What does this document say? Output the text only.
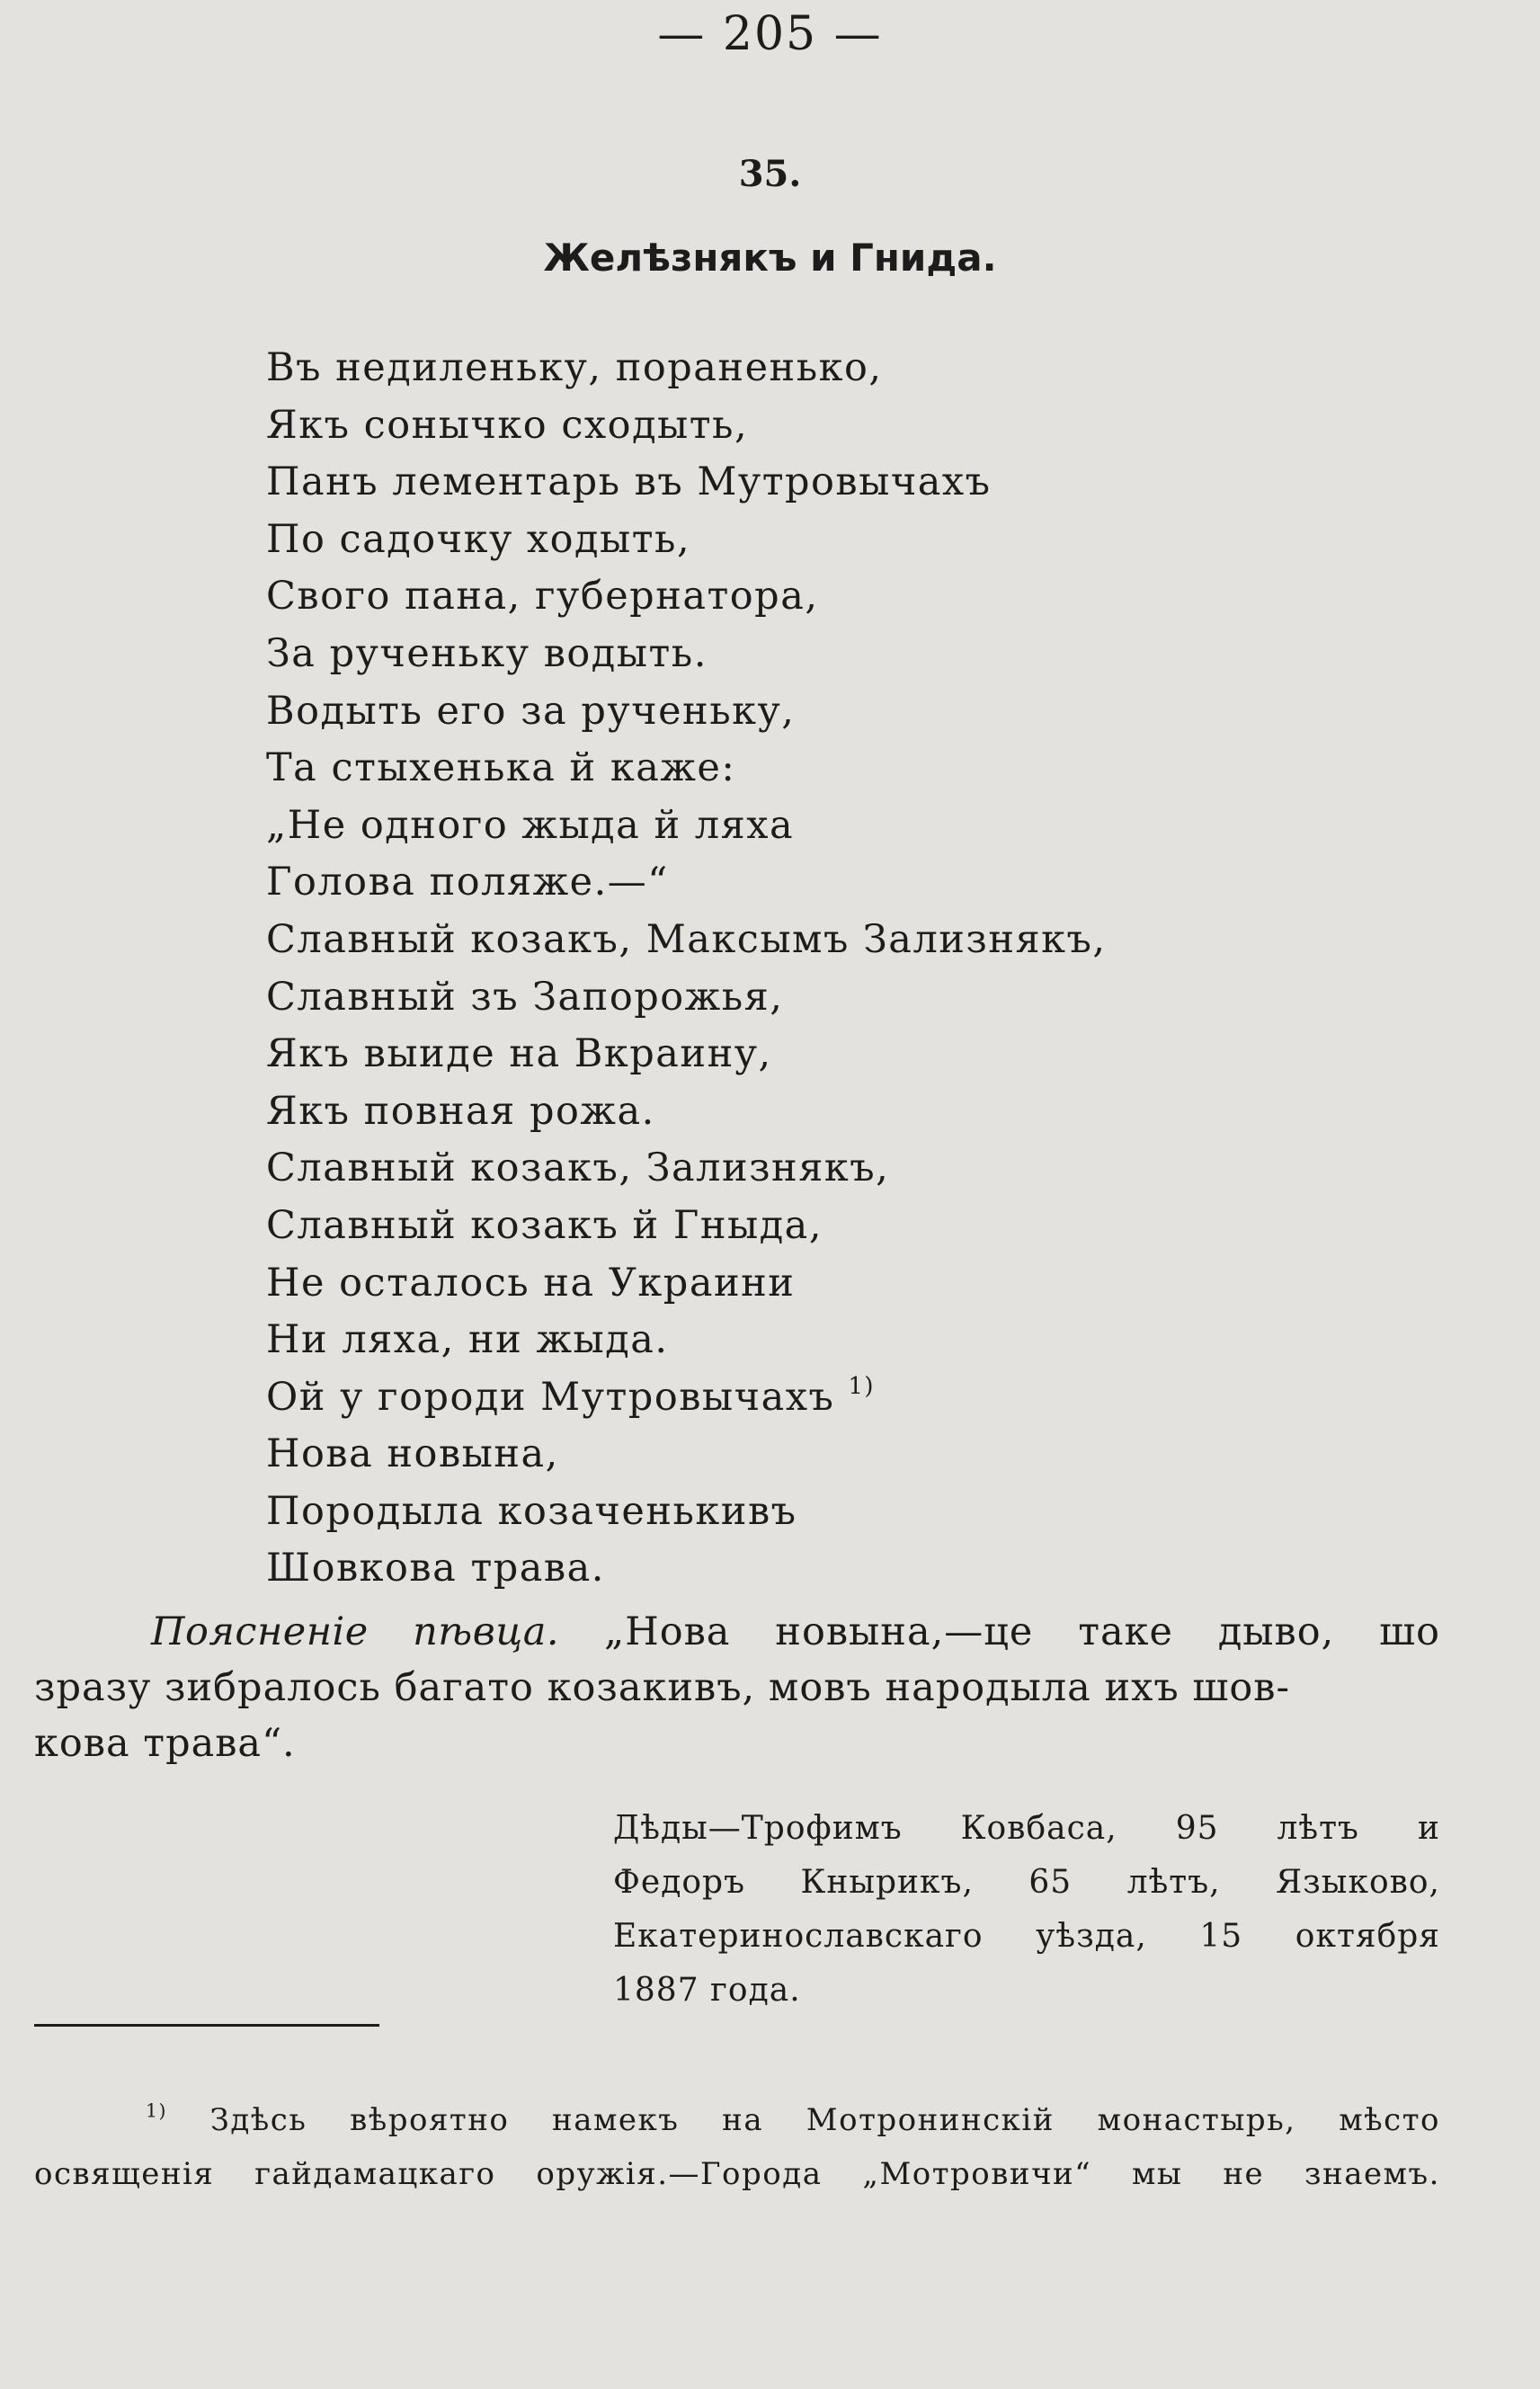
— 205 —
35.
Желѣзнякъ и Гнида.
Въ недиленьку, пораненько,
Якъ сонычко сходыть,
Панъ лементарь въ Мутровычахъ
По садочку ходыть,
Свого пана, губернатора,
За рученьку водыть.
Водыть его за рученьку,
Та стыхенька й каже:
„Не одного жыда й ляха
Голова поляже.—“
Славный козакъ, Максымъ Зализнякъ,
Славный зъ Запорожья,
Якъ выиде на Вкраину,
Якъ повная рожа.
Славный козакъ, Зализнякъ,
Славный козакъ й Гныда,
Не осталось на Украини
Ни ляха, ни жыда.
Ой у городи Мутровычахъ $^{1)}$
Нова новына,
Породыла козаченькивъ
Шовкова трава.
Поясненіе пѣвца. „Нова новына,—це таке дыво, шо
зразу зибралось багато козакивъ, мовъ народыла ихъ шов-
кова трава“.
Дѣды—Трофимъ Ковбаса, 95 лѣтъ и
Федоръ Кнырикъ, 65 лѣтъ, Языково,
Екатеринославскаго уѣзда, 15 октября
1887 года.
$^{1)}$ Здѣсь вѣроятно намекъ на Мотронинскій монастырь, мѣсто
освященія гайдамацкаго оружія.—Города „Мотровичи“ мы не знаемъ.
